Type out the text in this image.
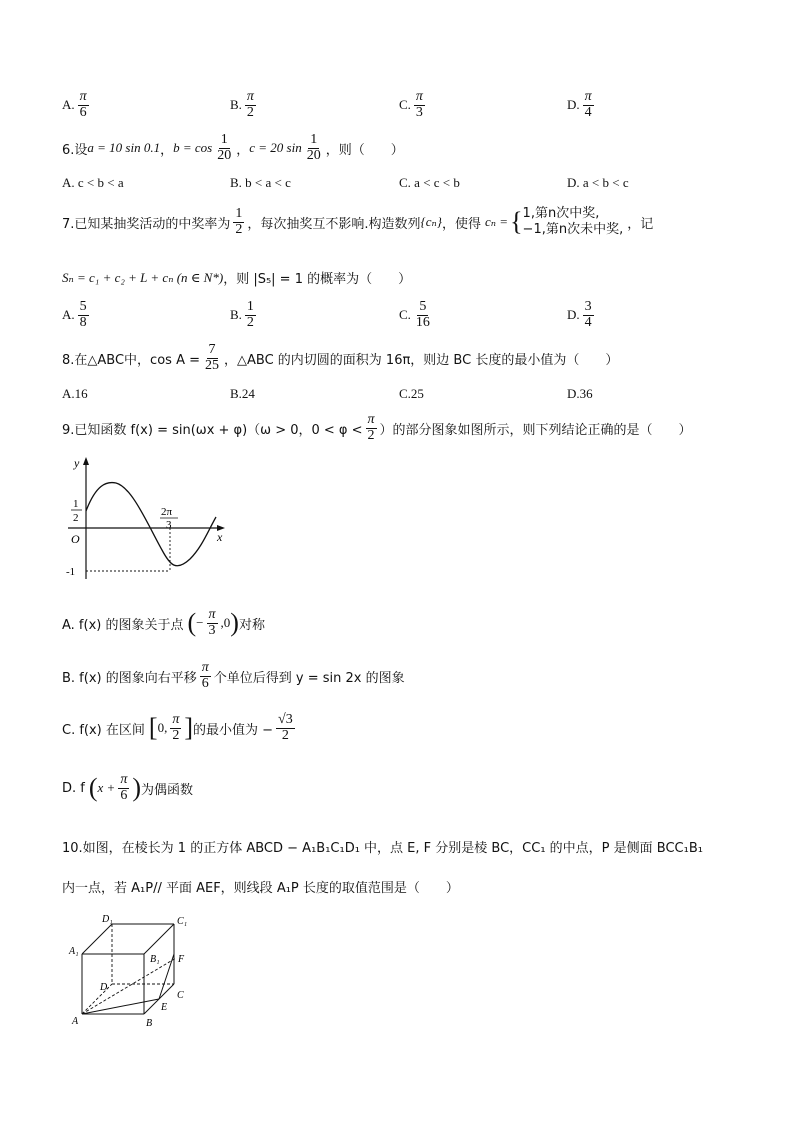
A. $\frac{\pi}{6}$	B. $\frac{\pi}{2}$	C. $\frac{\pi}{3}$	D. $\frac{\pi}{4}$
6.设 a = 10 sin 0.1 ， $b = \cos \frac{1}{20}$ ， c = 20 $\sin \frac{1}{20}$ ，则（　　）
A. c < b < a	B. b < a < c	C. a < c < b	D. a < b < c
7.已知某抽奖活动的中奖率为 $\frac{1}{2}$ ，每次抽奖互不影响.构造数列 {cₙ} ，使得 cₙ = { 1,第n次中奖,
−1,第n次未中奖, ，记
Sₙ = c₁ + c₂ + L + cₙ (n ∈ N*) ，则 |S₅| = 1 的概率为（　　）
A. $\frac{5}{8}$	B. $\frac{1}{2}$	C. $\frac{5}{16}$	D. $\frac{3}{4}$
8.在△ABC中，$\cos A = \frac{7}{25}$ ，△ABC 的内切圆的面积为 16π，则边 BC 长度的最小值为（　　）
A.16	B.24	C.25	D.36
9.已知函数 f(x) = sin(ωx + φ)（ω > 0，$0 < \varphi < \frac{\pi}{2}$ ）的部分图象如图所示，则下列结论正确的是（　　）
y
x
O
1
2
-1
2π
3
A. f(x) 的图象关于点 ( − $\frac{\pi}{3} ,0$ ) 对称
B. f(x) 的图象向右平移 $\frac{\pi}{6}$ 个单位后得到 y = sin 2x 的图象
C. f(x) 在区间 [ 0, $\frac{\pi}{2}$ ] 的最小值为 − $\frac{√3}{2}$
D. f ( $x + \frac{\pi}{6}$ ) 为偶函数
10.如图，在棱长为 1 的正方体 ABCD − A₁B₁C₁D₁ 中，点 E, F 分别是棱 BC，CC₁ 的中点，P 是侧面 BCC₁B₁
内一点，若 A₁P// 平面 AEF，则线段 A₁P 长度的取值范围是（　　）
D₁	C₁
A₁
B₁ F
D
C
E
A	B
